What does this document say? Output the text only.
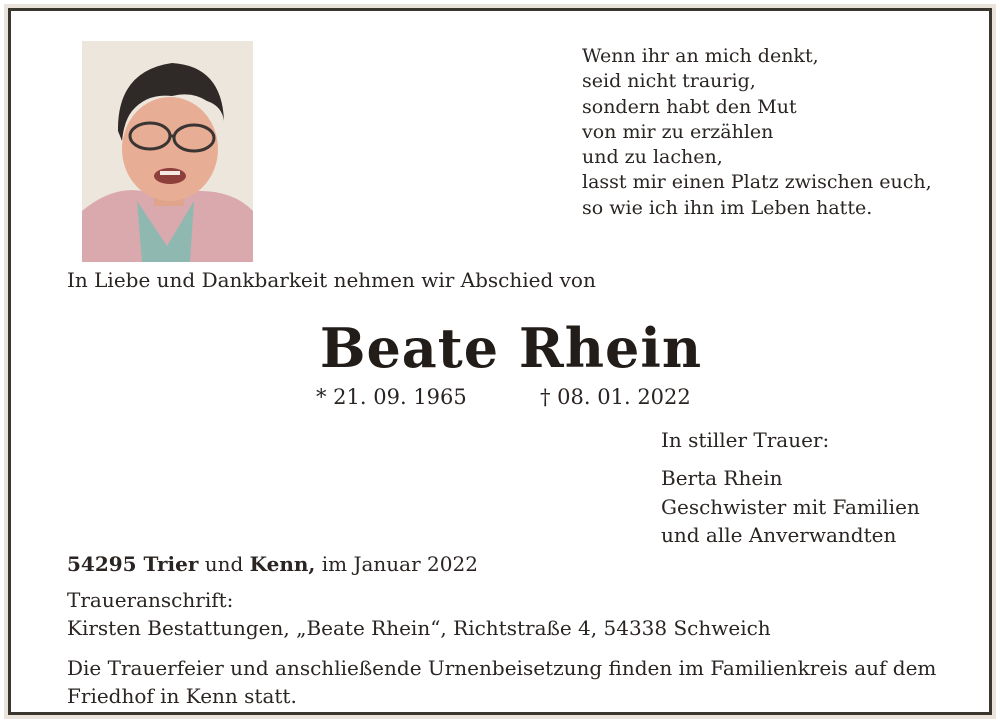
Wenn ihr an mich denkt,
seid nicht traurig,
sondern habt den Mut
von mir zu erzählen
und zu lachen,
lasst mir einen Platz zwischen euch,
so wie ich ihn im Leben hatte.
In Liebe und Dankbarkeit nehmen wir Abschied von
Beate Rhein
* 21. 09. 1965	† 08. 01. 2022
In stiller Trauer:
Berta Rhein
Geschwister mit Familien
und alle Anverwandten
54295 Trier und Kenn, im Januar 2022
Traueranschrift:
Kirsten Bestattungen, „Beate Rhein“, Richtstraße 4, 54338 Schweich
Die Trauerfeier und anschließende Urnenbeisetzung finden im Familienkreis auf dem Friedhof in Kenn statt.
